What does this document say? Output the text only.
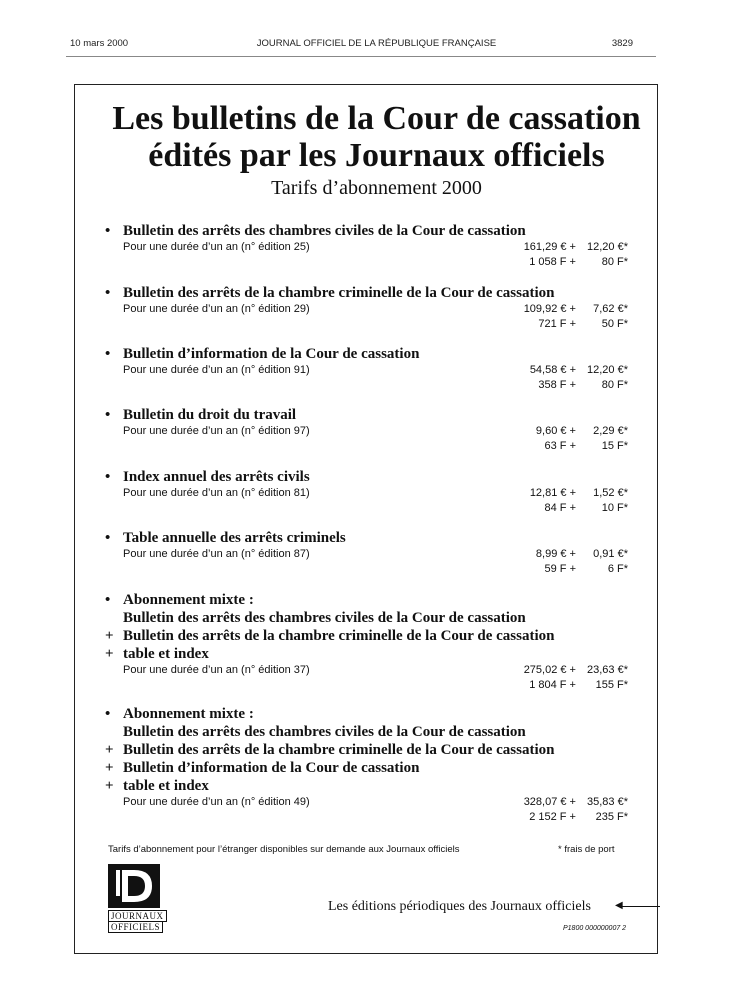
10 mars 2000	JOURNAL OFFICIEL DE LA RÉPUBLIQUE FRANÇAISE	3829
Les bulletins de la Cour de cassation
édités par les Journaux officiels
Tarifs d’abonnement 2000
• Bulletin des arrêts des chambres civiles de la Cour de cassation
Pour une durée d’un an (n° édition 25)	161,29 € +	12,20 €*
1 058 F +	80 F*
• Bulletin des arrêts de la chambre criminelle de la Cour de cassation
Pour une durée d’un an (n° édition 29)	109,92 € +	7,62 €*
721 F +	50 F*
• Bulletin d’information de la Cour de cassation
Pour une durée d’un an (n° édition 91)	54,58 € +	12,20 €*
358 F +	80 F*
• Bulletin du droit du travail
Pour une durée d’un an (n° édition 97)	9,60 € +	2,29 €*
63 F +	15 F*
• Index annuel des arrêts civils
Pour une durée d’un an (n° édition 81)	12,81 € +	1,52 €*
84 F +	10 F*
• Table annuelle des arrêts criminels
Pour une durée d’un an (n° édition 87)	8,99 € +	0,91 €*
59 F +	6 F*
• Abonnement mixte :
Bulletin des arrêts des chambres civiles de la Cour de cassation
+ Bulletin des arrêts de la chambre criminelle de la Cour de cassation
+ table et index
Pour une durée d’un an (n° édition 37)	275,02 € +	23,63 €*
1 804 F +	155 F*
• Abonnement mixte :
Bulletin des arrêts des chambres civiles de la Cour de cassation
+ Bulletin des arrêts de la chambre criminelle de la Cour de cassation
+ Bulletin d’information de la Cour de cassation
+ table et index
Pour une durée d’un an (n° édition 49)	328,07 € +	35,83 €*
2 152 F +	235 F*
Tarifs d’abonnement pour l’étranger disponibles sur demande aux Journaux officiels	* frais de port
JOURNAUX
OFFICIELS
Les éditions périodiques des Journaux officiels ◀
P1800 000000007 2
